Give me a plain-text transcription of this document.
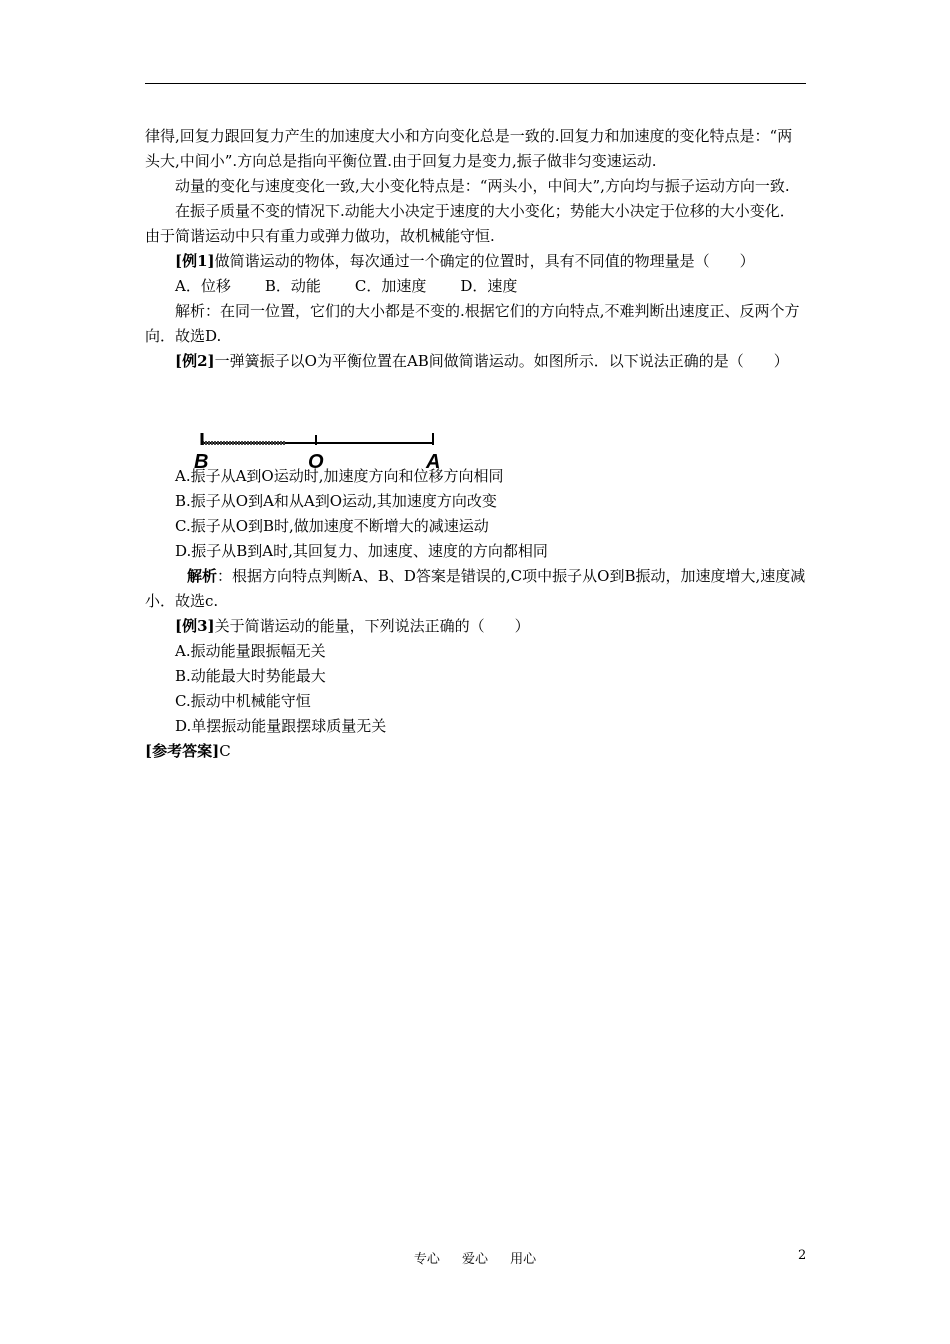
律得,回复力跟回复力产生的加速度大小和方向变化总是一致的.回复力和加速度的变化特点是：“两头大,中间小”.方向总是指向平衡位置.由于回复力是变力,振子做非匀变速运动.

动量的变化与速度变化一致,大小变化特点是：“两头小，中间大”,方向均与振子运动方向一致.

在振子质量不变的情况下.动能大小决定于速度的大小变化；势能大小决定于位移的大小变化．由于简谐运动中只有重力或弹力做功，故机械能守恒.

[例1]做简谐运动的物体，每次通过一个确定的位置时，具有不同值的物理量是（　　）

A．位移 B．动能 C．加速度 D．速度

解析：在同一位置，它们的大小都是不变的.根据它们的方向特点,不难判断出速度正、反两个方向．故选D.

[例2]一弹簧振子以O为平衡位置在AB间做简谐运动。如图所示．以下说法正确的是（　　）

B	O	A

A.振子从A到O运动时,加速度方向和位移方向相同

B.振子从O到A和从A到O运动,其加速度方向改变

C.振子从O到B时,做加速度不断增大的减速运动

D.振子从B到A时,其回复力、加速度、速度的方向都相同

解析：根据方向特点判断A、B、D答案是错误的,C项中振子从O到B振动，加速度增大,速度减小．故选c.

[例3]关于简谐运动的能量，下列说法正确的（　　）

A.振动能量跟振幅无关

B.动能最大时势能最大

C.振动中机械能守恒

D.单摆振动能量跟摆球质量无关

[参考答案]C

专心 爱心 用心	2
